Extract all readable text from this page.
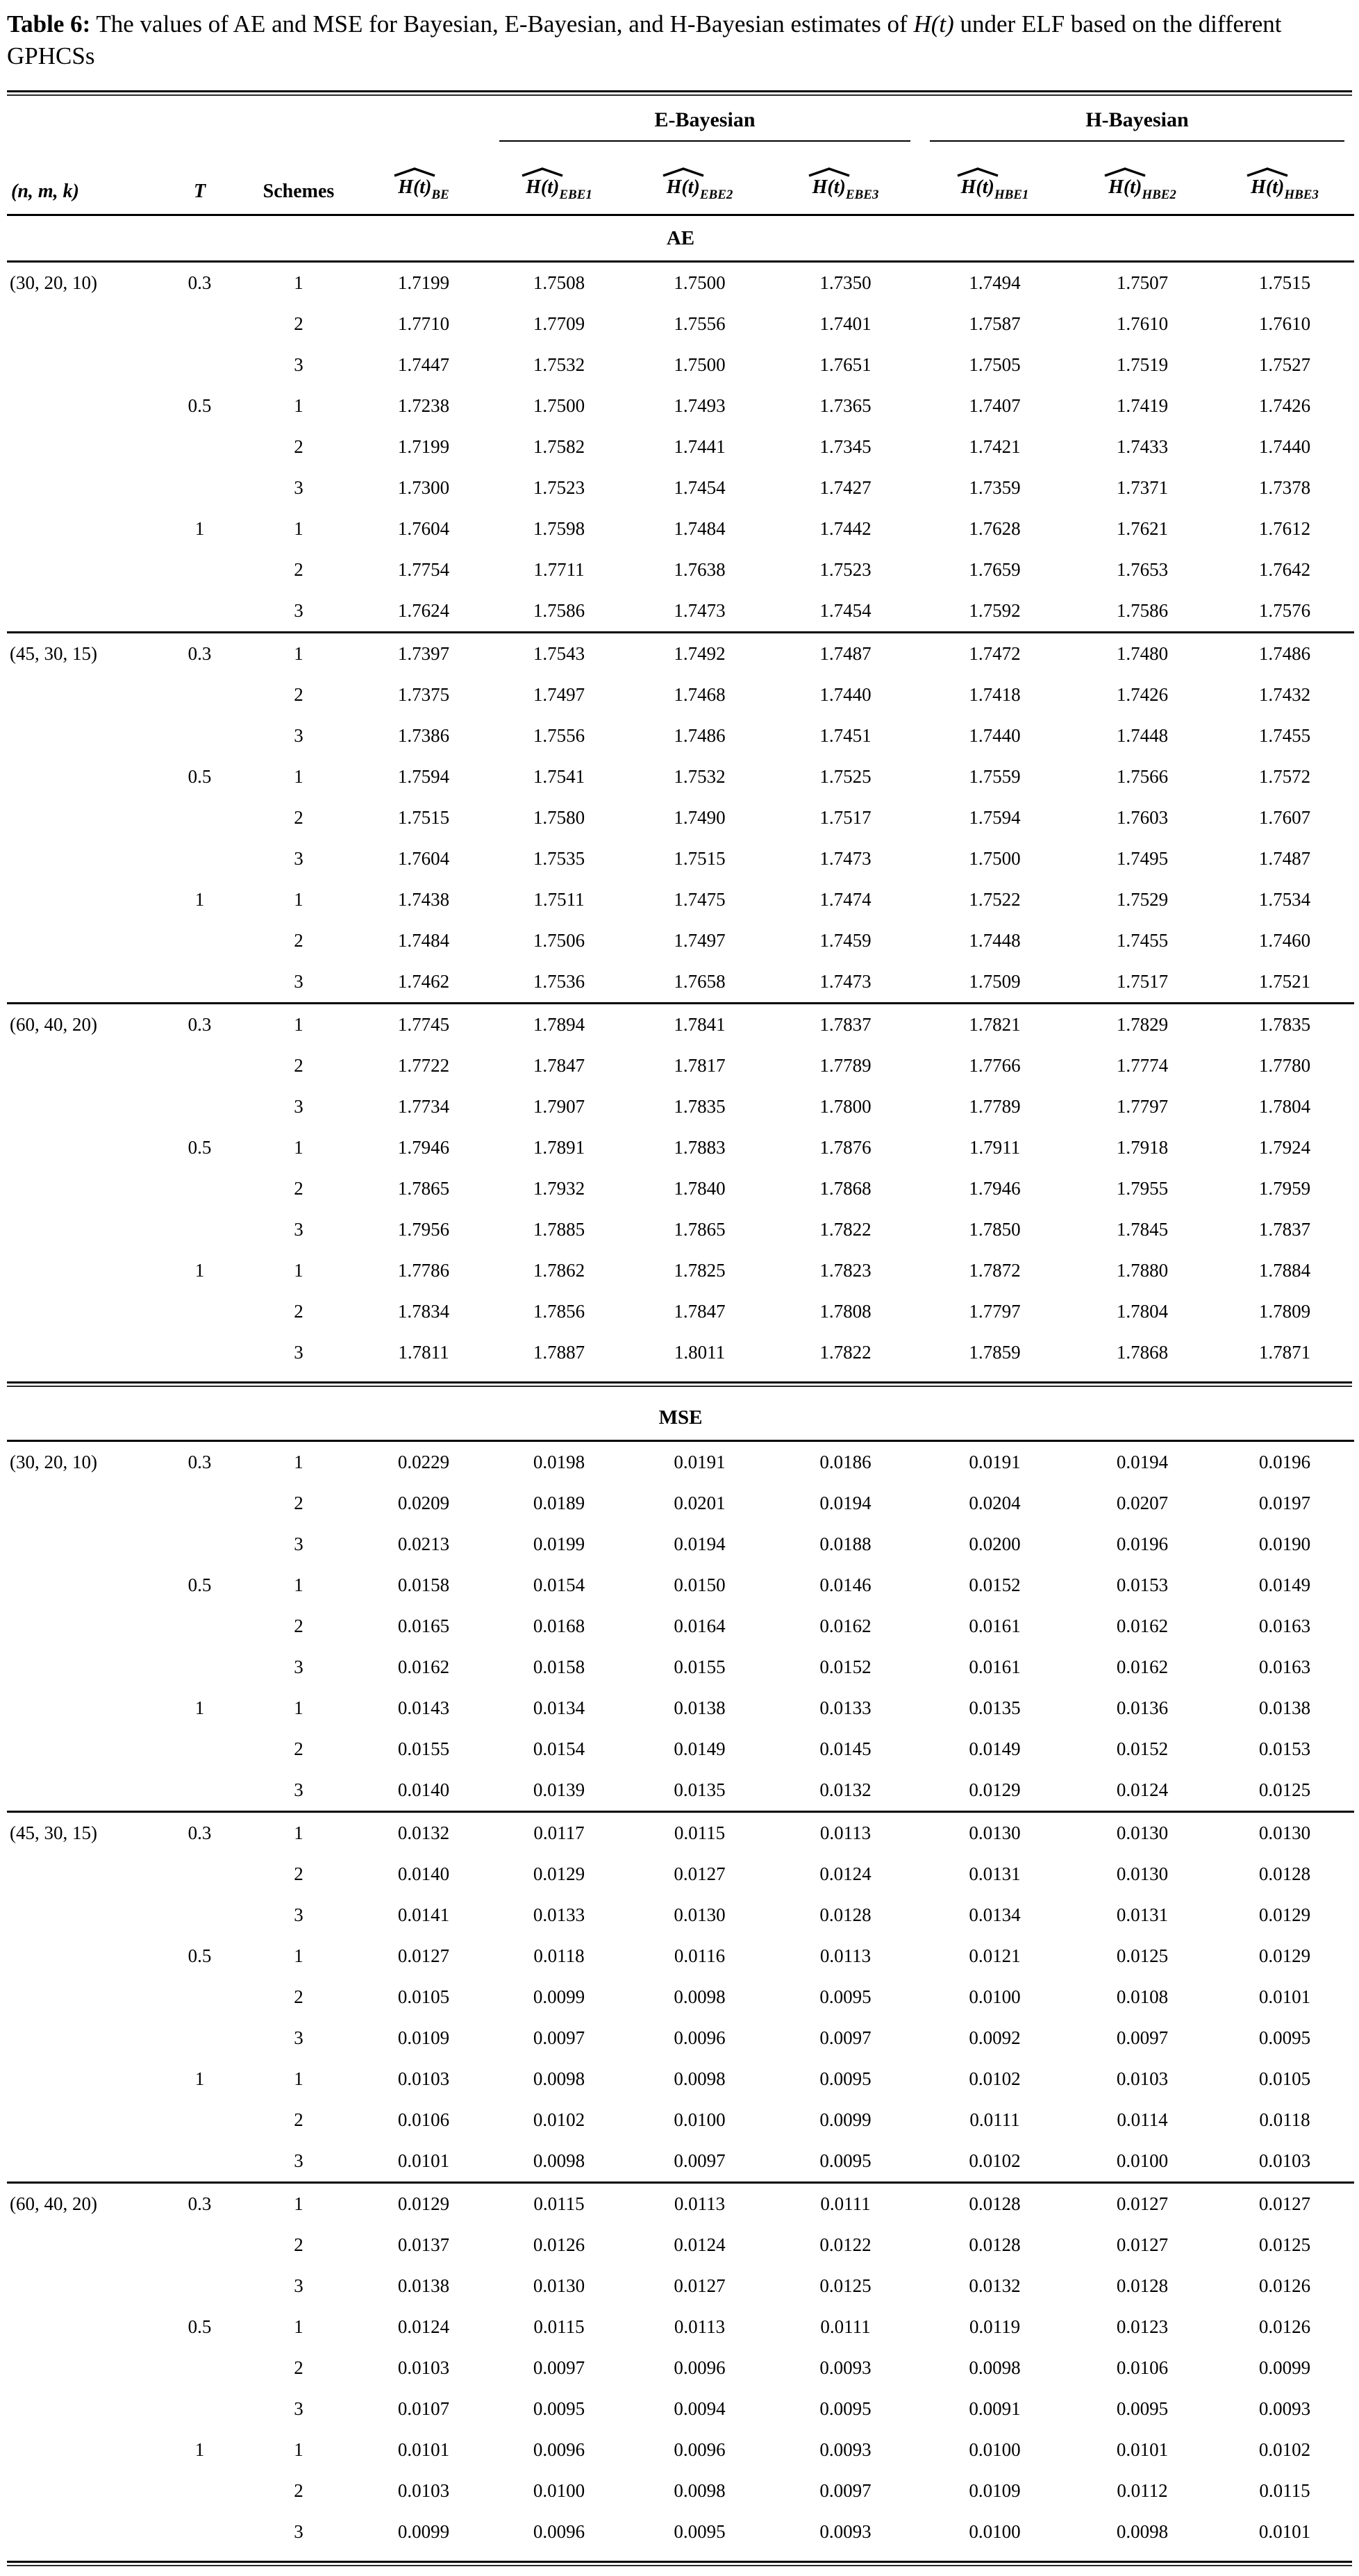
Table 6: The values of AE and MSE for Bayesian, E-Bayesian, and H-Bayesian estimates of H(t) under ELF based on the different GPHCSs

				E-Bayesian			H-Bayesian		

(n, m, k)	T	Schemes	$H(t)_{BE}$	$H(t)_{EBE1}$	$H(t)_{EBE2}$	$H(t)_{EBE3}$	$H(t)_{HBE1}$	$H(t)_{HBE2}$	$H(t)_{HBE3}$
AE									
(30, 20, 10)	0.3	1	1.7199	1.7508	1.7500	1.7350	1.7494	1.7507	1.7515
		2	1.7710	1.7709	1.7556	1.7401	1.7587	1.7610	1.7610
		3	1.7447	1.7532	1.7500	1.7651	1.7505	1.7519	1.7527
	0.5	1	1.7238	1.7500	1.7493	1.7365	1.7407	1.7419	1.7426
		2	1.7199	1.7582	1.7441	1.7345	1.7421	1.7433	1.7440
		3	1.7300	1.7523	1.7454	1.7427	1.7359	1.7371	1.7378
	1	1	1.7604	1.7598	1.7484	1.7442	1.7628	1.7621	1.7612
		2	1.7754	1.7711	1.7638	1.7523	1.7659	1.7653	1.7642
		3	1.7624	1.7586	1.7473	1.7454	1.7592	1.7586	1.7576
(45, 30, 15)	0.3	1	1.7397	1.7543	1.7492	1.7487	1.7472	1.7480	1.7486
		2	1.7375	1.7497	1.7468	1.7440	1.7418	1.7426	1.7432
		3	1.7386	1.7556	1.7486	1.7451	1.7440	1.7448	1.7455
	0.5	1	1.7594	1.7541	1.7532	1.7525	1.7559	1.7566	1.7572
		2	1.7515	1.7580	1.7490	1.7517	1.7594	1.7603	1.7607
		3	1.7604	1.7535	1.7515	1.7473	1.7500	1.7495	1.7487
	1	1	1.7438	1.7511	1.7475	1.7474	1.7522	1.7529	1.7534
		2	1.7484	1.7506	1.7497	1.7459	1.7448	1.7455	1.7460
		3	1.7462	1.7536	1.7658	1.7473	1.7509	1.7517	1.7521
(60, 40, 20)	0.3	1	1.7745	1.7894	1.7841	1.7837	1.7821	1.7829	1.7835
		2	1.7722	1.7847	1.7817	1.7789	1.7766	1.7774	1.7780
		3	1.7734	1.7907	1.7835	1.7800	1.7789	1.7797	1.7804
	0.5	1	1.7946	1.7891	1.7883	1.7876	1.7911	1.7918	1.7924
		2	1.7865	1.7932	1.7840	1.7868	1.7946	1.7955	1.7959
		3	1.7956	1.7885	1.7865	1.7822	1.7850	1.7845	1.7837
	1	1	1.7786	1.7862	1.7825	1.7823	1.7872	1.7880	1.7884
		2	1.7834	1.7856	1.7847	1.7808	1.7797	1.7804	1.7809
		3	1.7811	1.7887	1.8011	1.7822	1.7859	1.7868	1.7871
MSE									
(30, 20, 10)	0.3	1	0.0229	0.0198	0.0191	0.0186	0.0191	0.0194	0.0196
		2	0.0209	0.0189	0.0201	0.0194	0.0204	0.0207	0.0197
		3	0.0213	0.0199	0.0194	0.0188	0.0200	0.0196	0.0190
	0.5	1	0.0158	0.0154	0.0150	0.0146	0.0152	0.0153	0.0149
		2	0.0165	0.0168	0.0164	0.0162	0.0161	0.0162	0.0163
		3	0.0162	0.0158	0.0155	0.0152	0.0161	0.0162	0.0163
	1	1	0.0143	0.0134	0.0138	0.0133	0.0135	0.0136	0.0138
		2	0.0155	0.0154	0.0149	0.0145	0.0149	0.0152	0.0153
		3	0.0140	0.0139	0.0135	0.0132	0.0129	0.0124	0.0125
(45, 30, 15)	0.3	1	0.0132	0.0117	0.0115	0.0113	0.0130	0.0130	0.0130
		2	0.0140	0.0129	0.0127	0.0124	0.0131	0.0130	0.0128
		3	0.0141	0.0133	0.0130	0.0128	0.0134	0.0131	0.0129
	0.5	1	0.0127	0.0118	0.0116	0.0113	0.0121	0.0125	0.0129
		2	0.0105	0.0099	0.0098	0.0095	0.0100	0.0108	0.0101
		3	0.0109	0.0097	0.0096	0.0097	0.0092	0.0097	0.0095
	1	1	0.0103	0.0098	0.0098	0.0095	0.0102	0.0103	0.0105
		2	0.0106	0.0102	0.0100	0.0099	0.0111	0.0114	0.0118
		3	0.0101	0.0098	0.0097	0.0095	0.0102	0.0100	0.0103
(60, 40, 20)	0.3	1	0.0129	0.0115	0.0113	0.0111	0.0128	0.0127	0.0127
		2	0.0137	0.0126	0.0124	0.0122	0.0128	0.0127	0.0125
		3	0.0138	0.0130	0.0127	0.0125	0.0132	0.0128	0.0126
	0.5	1	0.0124	0.0115	0.0113	0.0111	0.0119	0.0123	0.0126
		2	0.0103	0.0097	0.0096	0.0093	0.0098	0.0106	0.0099
		3	0.0107	0.0095	0.0094	0.0095	0.0091	0.0095	0.0093
	1	1	0.0101	0.0096	0.0096	0.0093	0.0100	0.0101	0.0102
		2	0.0103	0.0100	0.0098	0.0097	0.0109	0.0112	0.0115
		3	0.0099	0.0096	0.0095	0.0093	0.0100	0.0098	0.0101
